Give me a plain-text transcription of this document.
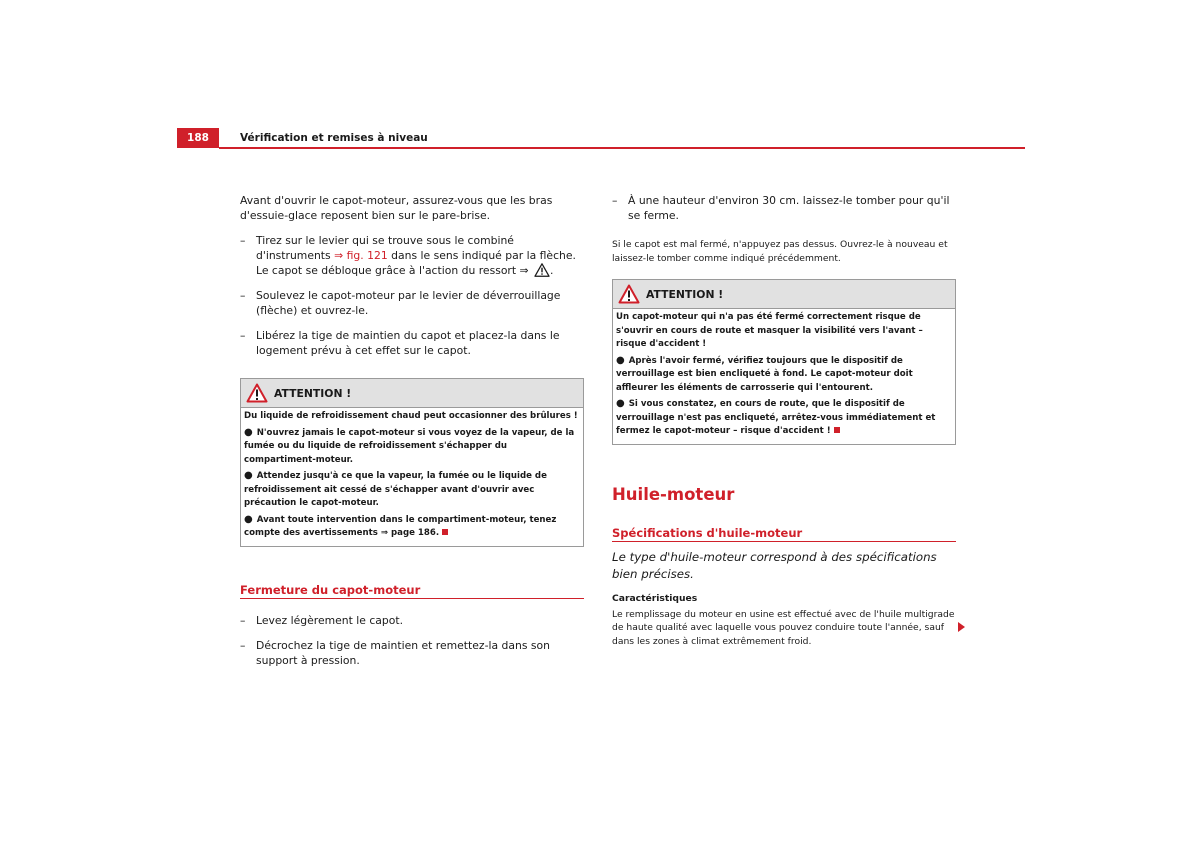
188	Vérification et remises à niveau

Avant d'ouvrir le capot-moteur, assurez-vous que les bras d'essuie-glace reposent bien sur le pare-brise.

– Tirez sur le levier qui se trouve sous le combiné d'instruments ⇒ fig. 121 dans le sens indiqué par la flèche. Le capot se débloque grâce à l'action du ressort ⇒ .
– Soulevez le capot-moteur par le levier de déverrouillage (flèche) et ouvrez-le.
– Libérez la tige de maintien du capot et placez-la dans le logement prévu à cet effet sur le capot.
ATTENTION !

Du liquide de refroidissement chaud peut occasionner des brûlures !

● N'ouvrez jamais le capot-moteur si vous voyez de la vapeur, de la fumée ou du liquide de refroidissement s'échapper du compartiment-moteur.

● Attendez jusqu'à ce que la vapeur, la fumée ou le liquide de refroidissement ait cessé de s'échapper avant d'ouvrir avec précaution le capot-moteur.

● Avant toute intervention dans le compartiment-moteur, tenez compte des avertissements ⇒ page 186.

Fermeture du capot-moteur
– Levez légèrement le capot.
– Décrochez la tige de maintien et remettez-la dans son support à pression.
– À une hauteur d'environ 30 cm. laissez-le tomber pour qu'il se ferme.

Si le capot est mal fermé, n'appuyez pas dessus. Ouvrez-le à nouveau et laissez-le tomber comme indiqué précédemment.

ATTENTION !

Un capot-moteur qui n'a pas été fermé correctement risque de s'ouvrir en cours de route et masquer la visibilité vers l'avant – risque d'accident !

● Après l'avoir fermé, vérifiez toujours que le dispositif de verrouillage est bien encliqueté à fond. Le capot-moteur doit affleurer les éléments de carrosserie qui l'entourent.

● Si vous constatez, en cours de route, que le dispositif de verrouillage n'est pas encliqueté, arrêtez-vous immédiatement et fermez le capot-moteur – risque d'accident !

Huile-moteur
Spécifications d'huile-moteur

Le type d'huile-moteur correspond à des spécifications bien précises.

Caractéristiques

Le remplissage du moteur en usine est effectué avec de l'huile multigrade de haute qualité avec laquelle vous pouvez conduire toute l'année, sauf dans les zones à climat extrêmement froid.
